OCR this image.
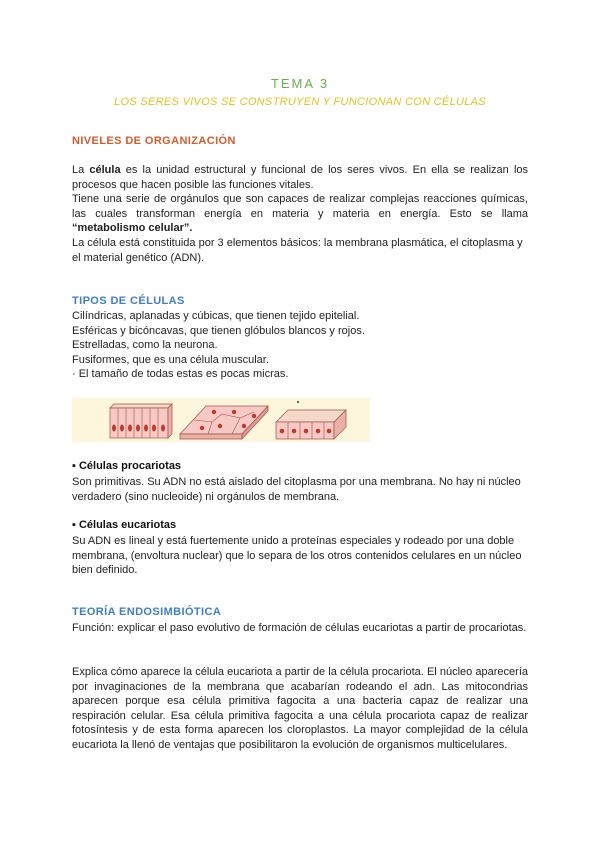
TEMA 3
LOS SERES VIVOS SE CONSTRUYEN Y FUNCIONAN CON CÉLULAS
NIVELES DE ORGANIZACIÓN
La célula es la unidad estructural y funcional de los seres vivos. En ella se realizan los procesos que hacen posible las funciones vitales.
Tiene una serie de orgánulos que son capaces de realizar complejas reacciones químicas, las cuales transforman energía en materia y materia en energía. Esto se llama “metabolismo celular”.
La célula está constituida por 3 elementos básicos: la membrana plasmática, el citoplasma y el material genético (ADN).
TIPOS DE CÉLULAS
Cilíndricas, aplanadas y cúbicas, que tienen tejido epitelial.
Esféricas y bicóncavas, que tienen glóbulos blancos y rojos.
Estrelladas, como la neurona.
Fusiformes, que es una célula muscular.
· El tamaño de todas estas es pocas micras.
▪ Células procariotas
Son primitivas. Su ADN no está aislado del citoplasma por una membrana. No hay ni núcleo verdadero (sino nucleoide) ni orgánulos de membrana.
▪ Células eucariotas
Su ADN es lineal y está fuertemente unido a proteínas especiales y rodeado por una doble membrana, (envoltura nuclear) que lo separa de los otros contenidos celulares en un núcleo bien definido.
TEORÍA ENDOSIMBIÓTICA
Función: explicar el paso evolutivo de formación de células eucariotas a partir de procariotas.
Explica cómo aparece la célula eucariota a partir de la célula procariota. El núcleo aparecería por invaginaciones de la membrana que acabarían rodeando el adn. Las mitocondrias aparecen porque esa célula primitiva fagocita a una bacteria capaz de realizar una respiración celular. Esa célula primitiva fagocita a una célula procariota capaz de realizar fotosíntesis y de esta forma aparecen los cloroplastos. La mayor complejidad de la célula eucariota la llenó de ventajas que posibilitaron la evolución de organismos multicelulares.
